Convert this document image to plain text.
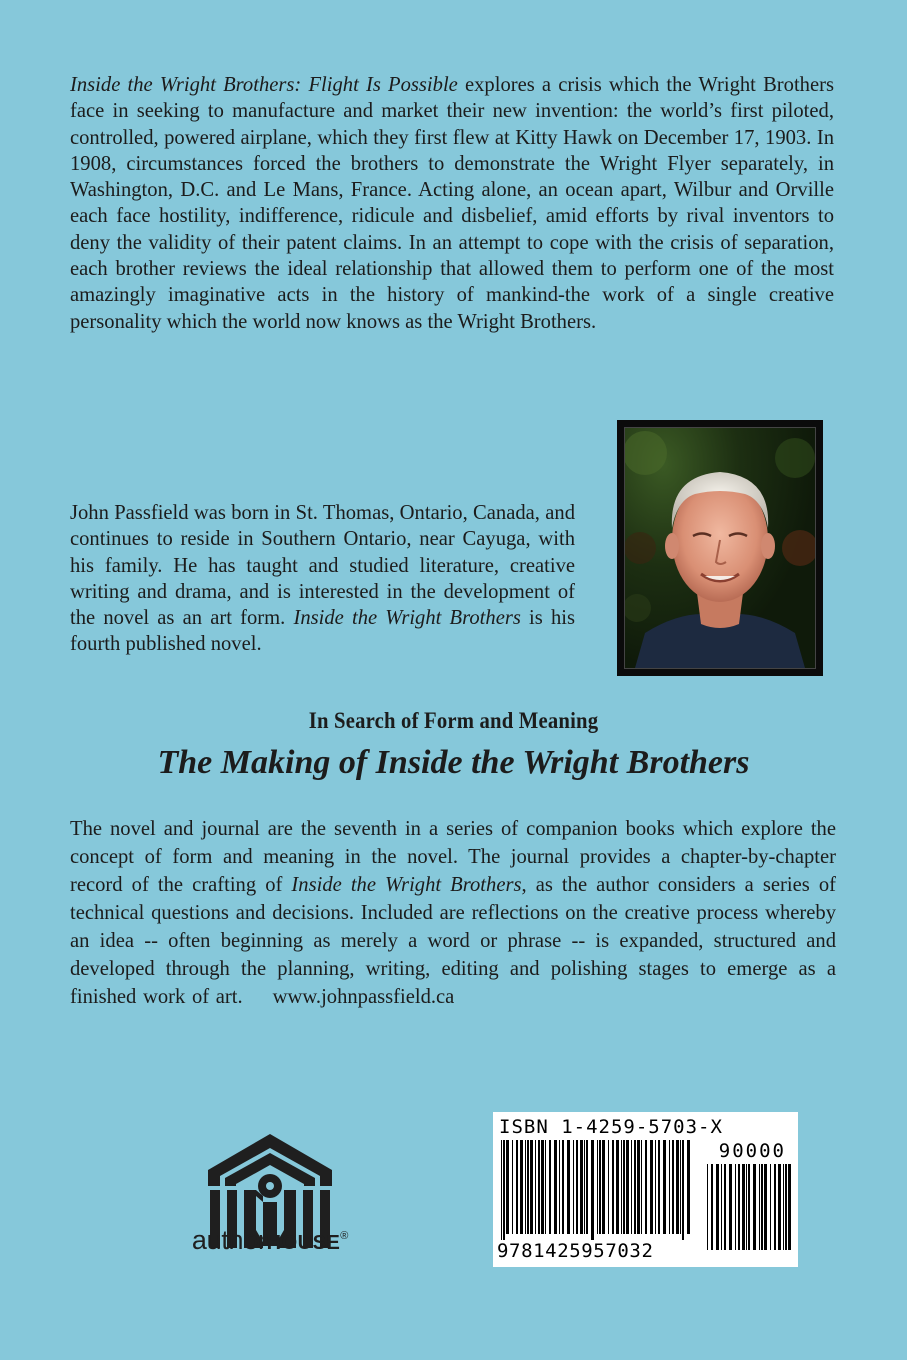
Inside the Wright Brothers: Flight Is Possible explores a crisis which the Wright Brothers face in seeking to manufacture and market their new invention: the world’s first piloted, controlled, powered airplane, which they first flew at Kitty Hawk on December 17, 1903. In 1908, circumstances forced the brothers to demonstrate the Wright Flyer separately, in Washington, D.C. and Le Mans, France. Acting alone, an ocean apart, Wilbur and Orville each face hostility, indifference, ridicule and disbelief, amid efforts by rival inventors to deny the validity of their patent claims. In an attempt to cope with the crisis of separation, each brother reviews the ideal relationship that allowed them to perform one of the most amazingly imaginative acts in the history of mankind-the work of a single creative personality which the world now knows as the Wright Brothers.

John Passfield was born in St. Thomas, Ontario, Canada, and continues to reside in Southern Ontario, near Cayuga, with his family. He has taught and studied literature, creative writing and drama, and is interested in the development of the novel as an art form. Inside the Wright Brothers is his fourth published novel.

In Search of Form and Meaning
The Making of Inside the Wright Brothers

The novel and journal are the seventh in a series of companion books which explore the concept of form and meaning in the novel. The journal provides a chapter-by-chapter record of the crafting of Inside the Wright Brothers, as the author considers a series of technical questions and decisions. Included are reflections on the creative process whereby an idea -- often beginning as merely a word or phrase -- is expanded, structured and developed through the planning, writing, editing and polishing stages to emerge as a finished work of art. www.johnpassfield.ca

authorHOUSE®
ISBN 1-4259-5703-X
90000
9781425957032
